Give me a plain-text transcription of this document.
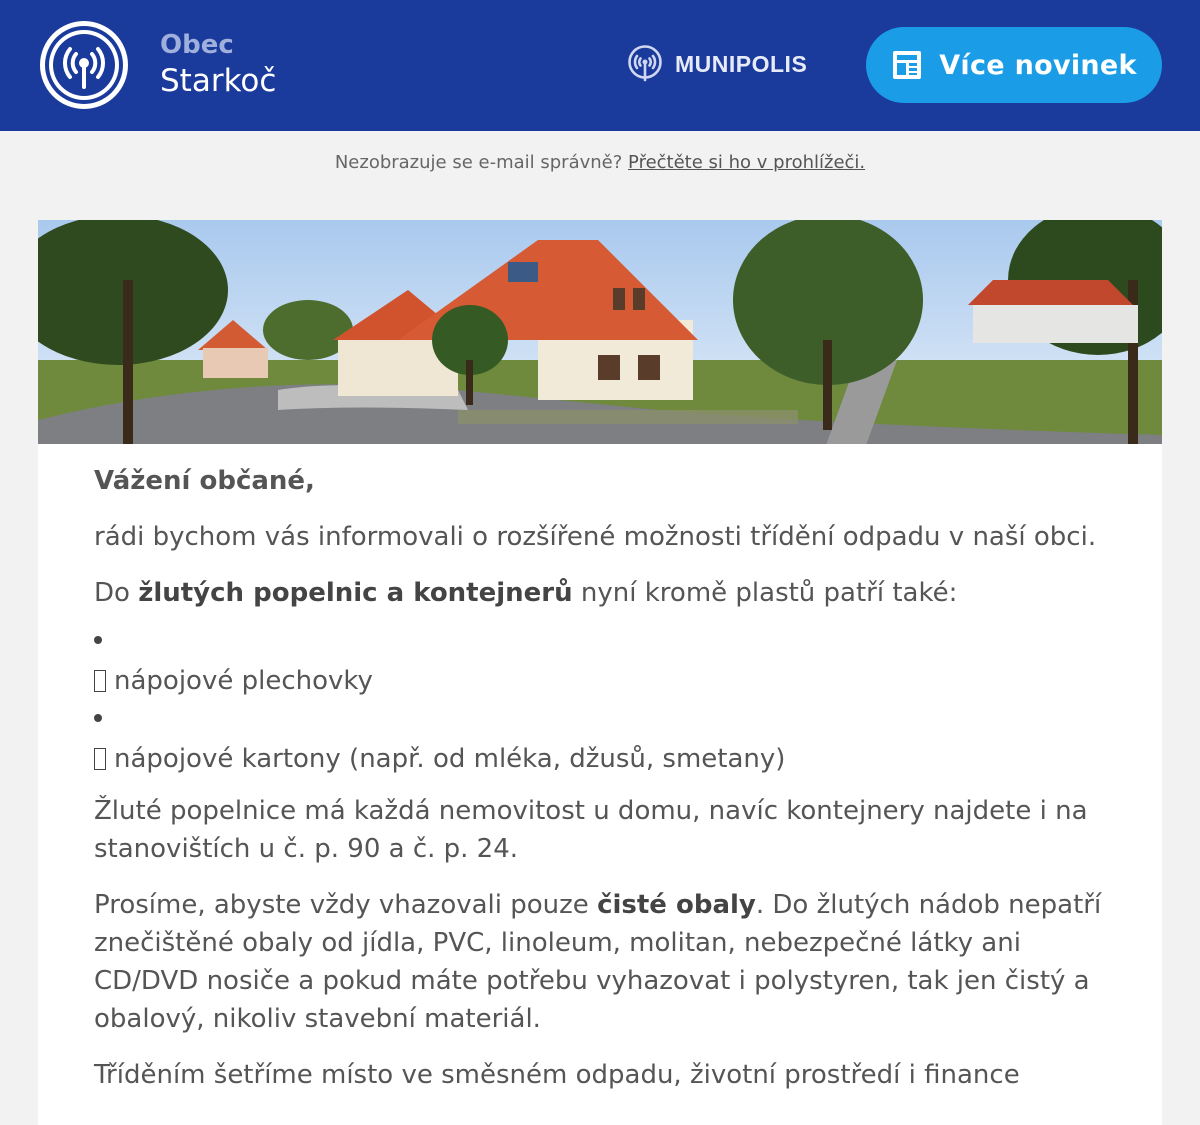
Obec
Starkoč	MUNIPOLIS	Více novinek
Nezobrazuje se e-mail správně? Přečtěte si ho v prohlížeči.

Vážení občané,

rádi bychom vás informovali o rozšířené možnosti třídění odpadu v naší obci.

Do žlutých popelnic a kontejnerů nyní kromě plastů patří také:

nápojové plechovky
nápojové kartony (např. od mléka, džusů, smetany)

Žluté popelnice má každá nemovitost u domu, navíc kontejnery najdete i na stanovištích u č. p. 90 a č. p. 24.

Prosíme, abyste vždy vhazovali pouze čisté obaly. Do žlutých nádob nepatří znečištěné obaly od jídla, PVC, linoleum, molitan, nebezpečné látky ani CD/DVD nosiče a pokud máte potřebu vyhazovat i polystyren, tak jen čistý a obalový, nikoliv stavební materiál.

Tříděním šetříme místo ve směsném odpadu, životní prostředí i finance
